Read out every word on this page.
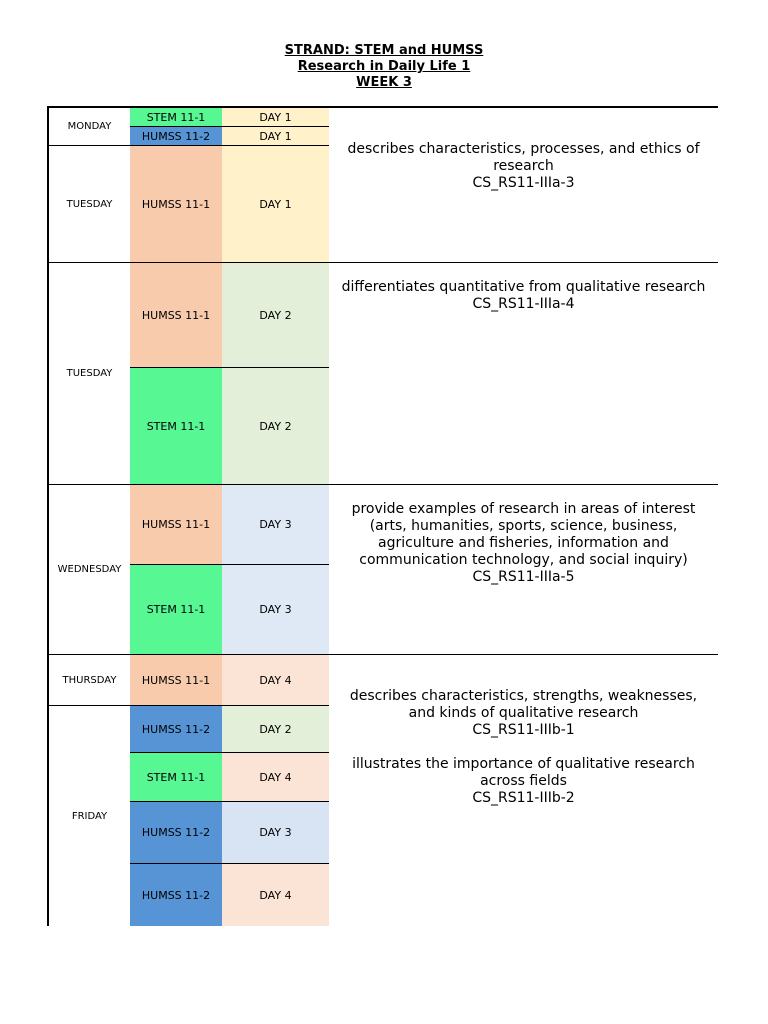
STRAND: STEM and HUMSS
Research in Daily Life 1
WEEK 3
MONDAY
TUESDAY
TUESDAY
WEDNESDAY
THURSDAY
FRIDAY
STEM 11-1
HUMSS 11-2
HUMSS 11-1
HUMSS 11-1
STEM 11-1
HUMSS 11-1
STEM 11-1
HUMSS 11-1
HUMSS 11-2
STEM 11-1
HUMSS 11-2
HUMSS 11-2
DAY 1
DAY 1
DAY 1
DAY 2
DAY 2
DAY 3
DAY 3
DAY 4
DAY 2
DAY 4
DAY 3
DAY 4

describes characteristics, processes, and ethics of research

CS_RS11-IIIa-3

differentiates quantitative from qualitative research

CS_RS11-IIIa-4

provide examples of research in areas of interest (arts, humanities, sports, science, business, agriculture and fisheries, information and communication technology, and social inquiry)

CS_RS11-IIIa-5

describes characteristics, strengths, weaknesses, and kinds of qualitative research

CS_RS11-IIIb-1

illustrates the importance of qualitative research across fields

CS_RS11-IIIb-2
